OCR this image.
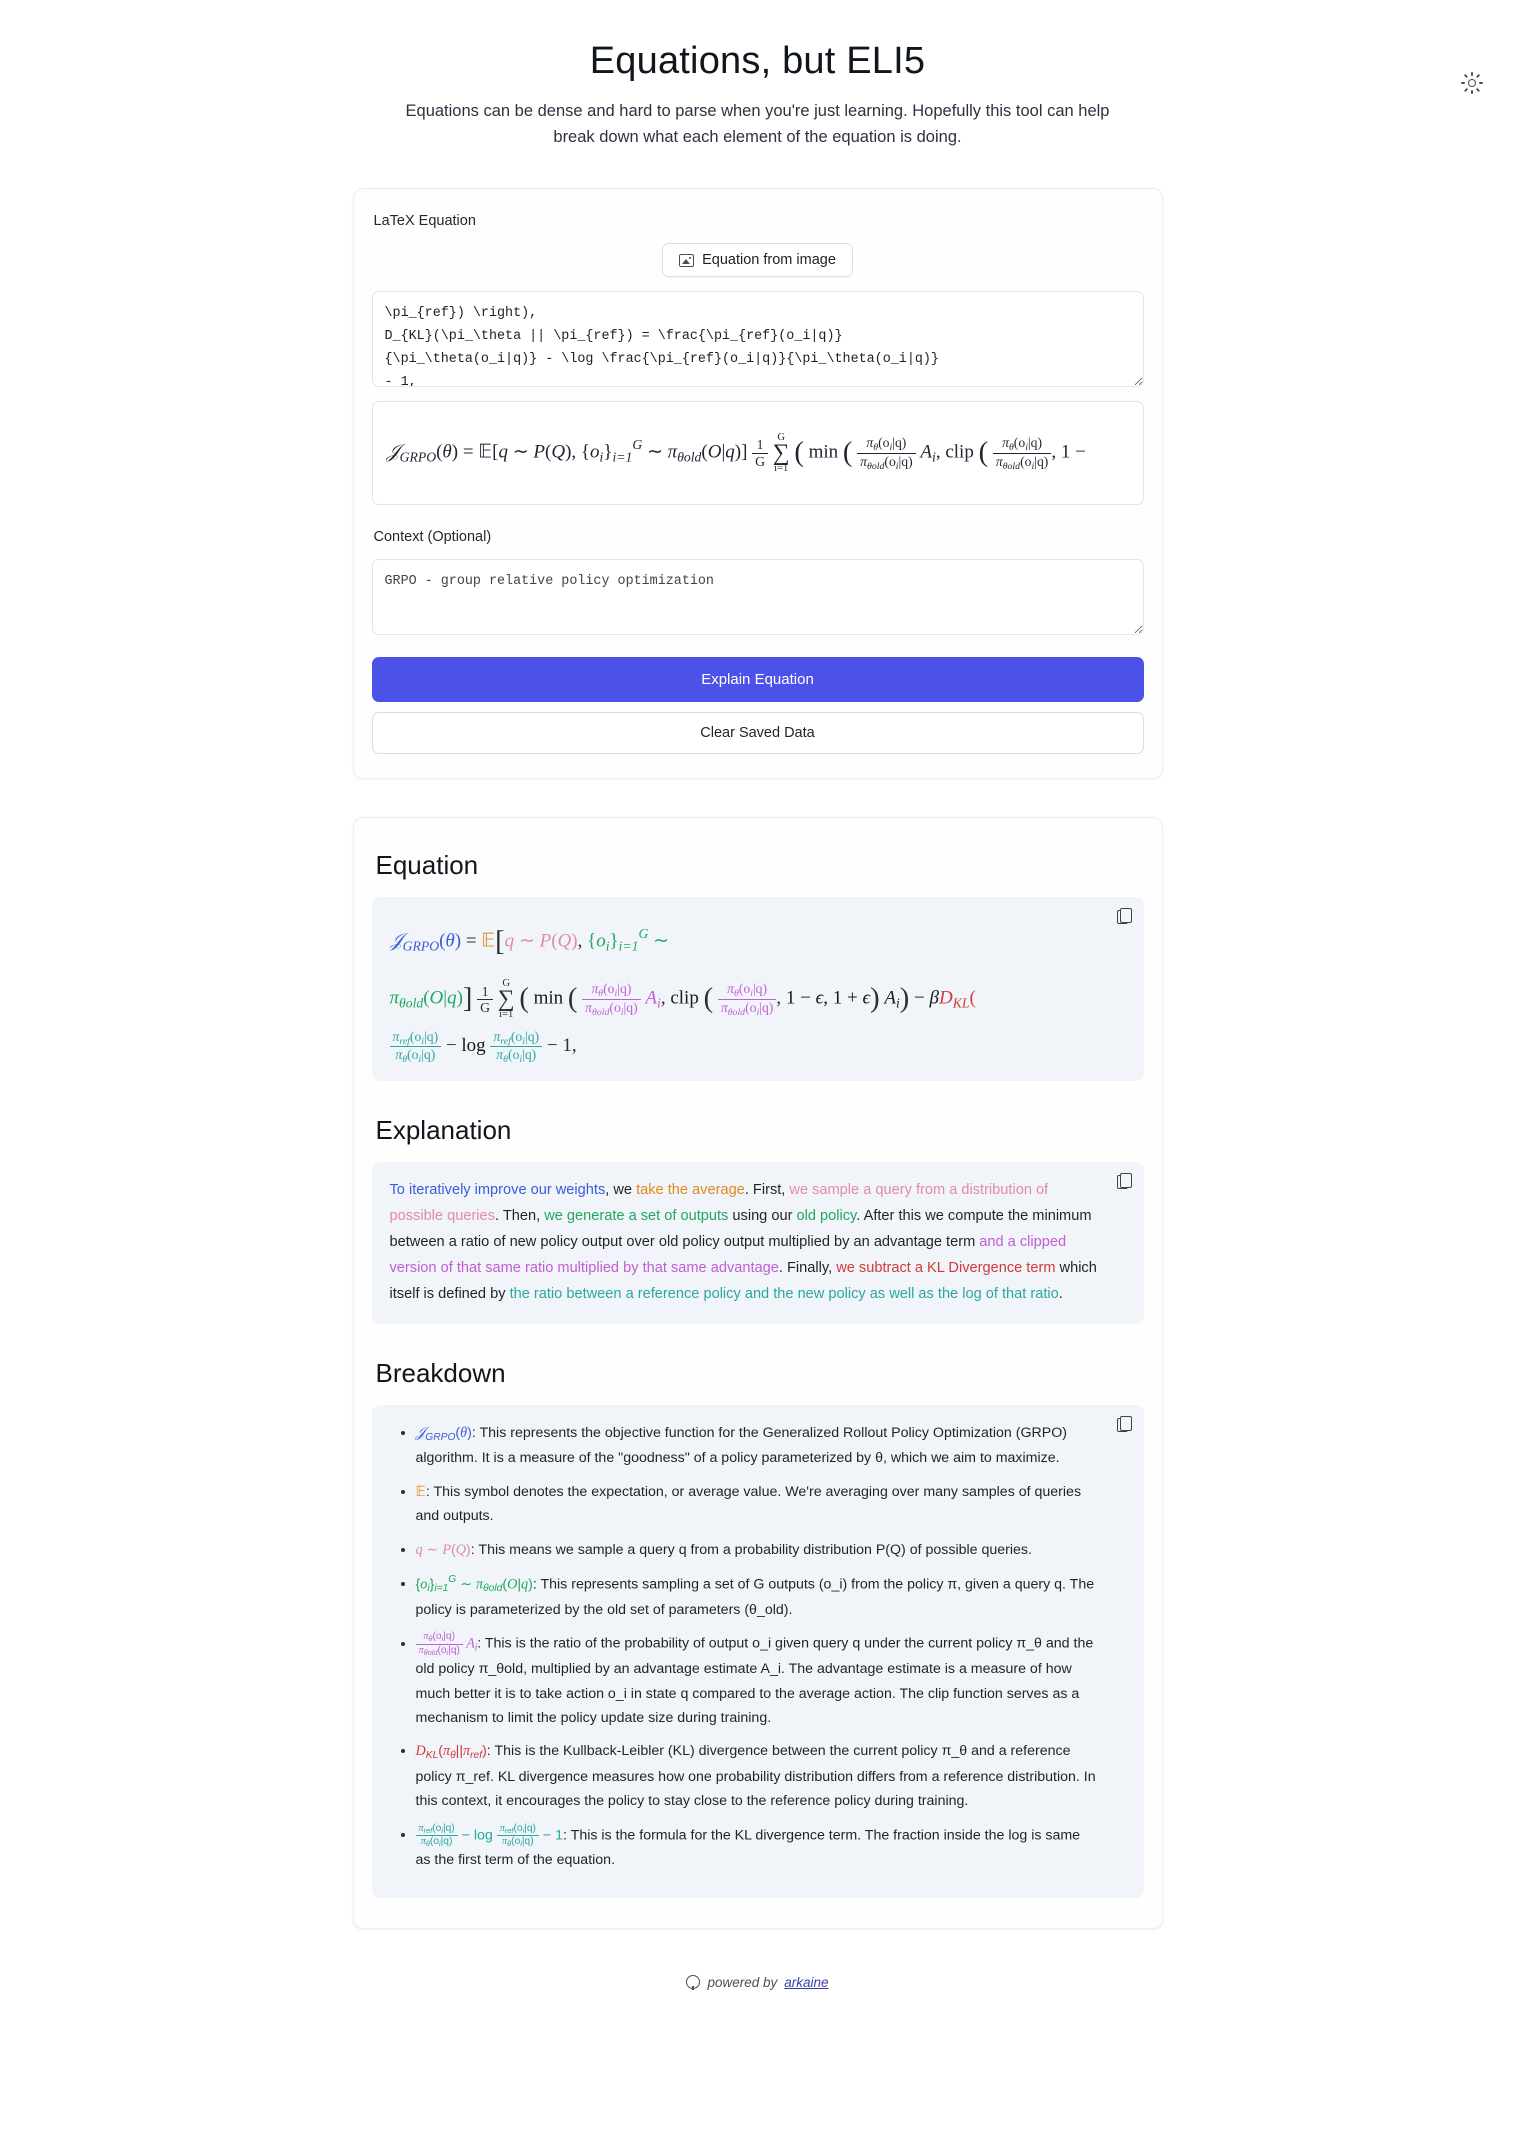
Equations, but ELI5

Equations can be dense and hard to parse when you're just learning. Hopefully this tool can help break down what each element of the equation is doing.

LaTeX Equation
Equation from image
\pi_{ref}) \right), D_{KL}(\pi_\theta || \pi_{ref}) = \frac{\pi_{ref}(o_i|q)} {\pi_\theta(o_i|q)} - \log \frac{\pi_{ref}(o_i|q)}{\pi_\theta(o_i|q)} - 1,
𝒥$_{GRPO}$(θ) = 𝔼[q ∼ P(Q), $\{o_i\}_{i=1}^G$ ∼ $\pi_{\theta old}(O|q)] \frac{1}{G}$
G
∑
i=1
( min ( $\frac{\pi_\theta(o_i|q)}{\pi_{\theta old}(o_i|q)} A_i$, clip ( $\frac{\pi_\theta(o_i|q)}{\pi_{\theta old}(o_i|q)}$ , 1 −
Context (Optional)
GRPO - group relative policy optimization Explain Equation Clear Saved Data
Equation
𝒥$_{GRPO}$(θ) = 𝔼[q ∼ P(Q), $\{o_i\}_{i=1}^G$ ∼
$\pi_{\theta old}(O|q)] \frac{1}{G}$
G
∑
i=1
( min ( $\frac{\pi_\theta(o_i|q)}{\pi_{\theta old}(o_i|q)} A_i$, clip ( $\frac{\pi_\theta(o_i|q)}{\pi_{\theta old}(o_i|q)}$ , 1 − ϵ, 1 + ϵ) $A_i) - \beta D_{KL}$(
$\frac{\pi_{ref}(o_i|q)}{\pi_\theta(o_i|q)} - \log \frac{\pi_{ref}(o_i|q)}{\pi_\theta(o_i|q)} - 1$,
Explanation
To iteratively improve our weights, we take the average. First, we sample a query from a distribution of possible queries. Then, we generate a set of outputs using our old policy. After this we compute the minimum between a ratio of new policy output over old policy output multiplied by an advantage term and a clipped version of that same ratio multiplied by that same advantage. Finally, we subtract a KL Divergence term which itself is defined by the ratio between a reference policy and the new policy as well as the log of that ratio.
Breakdown
• 𝒥$_{GRPO}$(θ): This represents the objective function for the Generalized Rollout Policy Optimization (GRPO) algorithm. It is a measure of the "goodness" of a policy parameterized by θ, which we aim to maximize.
• 𝔼: This symbol denotes the expectation, or average value. We're averaging over many samples of queries and outputs.
• q ∼ P(Q): This means we sample a query q from a probability distribution P(Q) of possible queries.
• $\{o_i\}_{i=1}^G$ ∼ $\pi_{\theta old}(O|q)$: This represents sampling a set of G outputs (o_i) from the policy π, given a query q. The policy is parameterized by the old set of parameters (θ_old).
• $\frac{\pi_\theta(o_i|q)}{\pi_{\theta old}(o_i|q)} A_i$: This is the ratio of the probability of output o_i given query q under the current policy π_θ and the old policy π_θold, multiplied by an advantage estimate A_i. The advantage estimate is a measure of how much better it is to take action o_i in state q compared to the average action. The clip function serves as a mechanism to limit the policy update size during training.
• $D_{KL}(\pi_\theta||\pi_{ref})$: This is the Kullback-Leibler (KL) divergence between the current policy π_θ and a reference policy π_ref. KL divergence measures how one probability distribution differs from a reference distribution. In this context, it encourages the policy to stay close to the reference policy during training.
• $\frac{\pi_{ref}(o_i|q)}{\pi_\theta(o_i|q)} - \log \frac{\pi_{ref}(o_i|q)}{\pi_\theta(o_i|q)} - 1$: This is the formula for the KL divergence term. The fraction inside the log is same as the first term of the equation.
powered by arkaine
